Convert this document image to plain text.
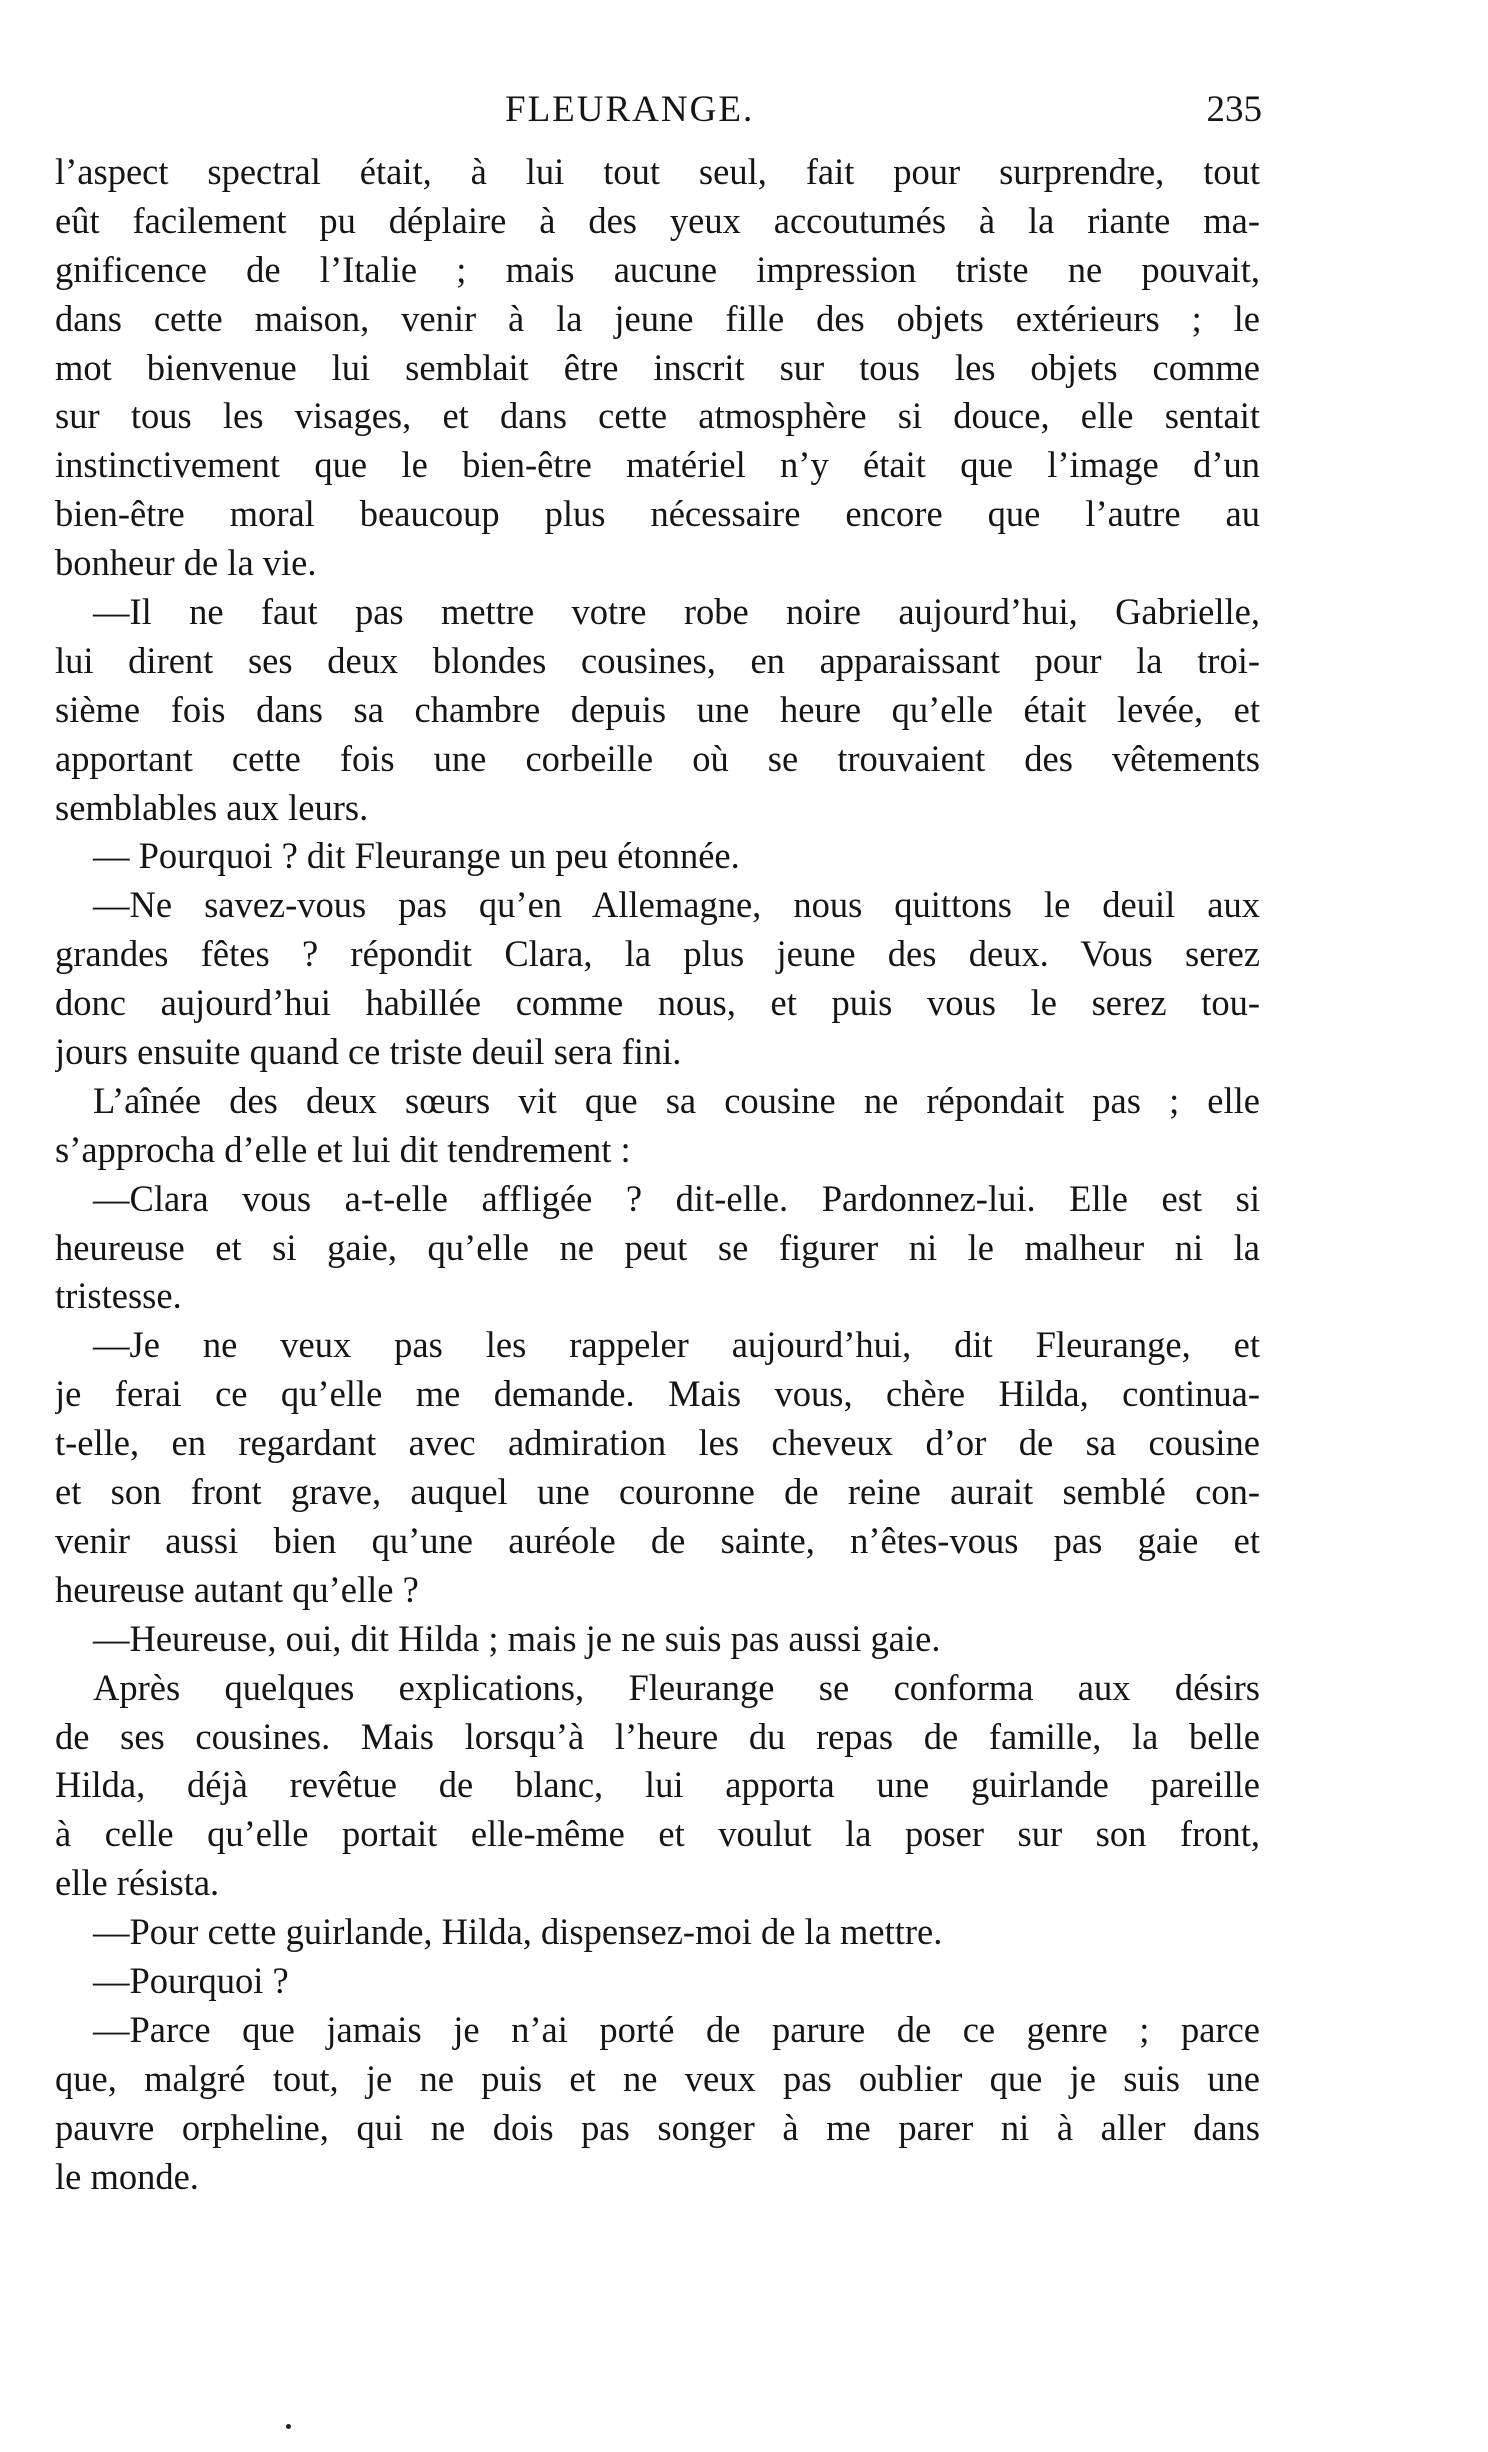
FLEURANGE.	235
l’aspect spectral était, à lui tout seul, fait pour surprendre, tout
eût facilement pu déplaire à des yeux accoutumés à la riante ma-
gnificence de l’Italie ; mais aucune impression triste ne pouvait,
dans cette maison, venir à la jeune fille des objets extérieurs ; le
mot bienvenue lui semblait être inscrit sur tous les objets comme
sur tous les visages, et dans cette atmosphère si douce, elle sentait
instinctivement que le bien-être matériel n’y était que l’image d’un
bien-être moral beaucoup plus nécessaire encore que l’autre au
bonheur de la vie.
—Il ne faut pas mettre votre robe noire aujourd’hui, Gabrielle,
lui dirent ses deux blondes cousines, en apparaissant pour la troi-
sième fois dans sa chambre depuis une heure qu’elle était levée, et
apportant cette fois une corbeille où se trouvaient des vêtements
semblables aux leurs.
— Pourquoi ? dit Fleurange un peu étonnée.
—Ne savez-vous pas qu’en Allemagne, nous quittons le deuil aux
grandes fêtes ? répondit Clara, la plus jeune des deux. Vous serez
donc aujourd’hui habillée comme nous, et puis vous le serez tou-
jours ensuite quand ce triste deuil sera fini.
L’aînée des deux sœurs vit que sa cousine ne répondait pas ; elle
s’approcha d’elle et lui dit tendrement :
—Clara vous a-t-elle affligée ? dit-elle. Pardonnez-lui. Elle est si
heureuse et si gaie, qu’elle ne peut se figurer ni le malheur ni la
tristesse.
—Je ne veux pas les rappeler aujourd’hui, dit Fleurange, et
je ferai ce qu’elle me demande. Mais vous, chère Hilda, continua-
t-elle, en regardant avec admiration les cheveux d’or de sa cousine
et son front grave, auquel une couronne de reine aurait semblé con-
venir aussi bien qu’une auréole de sainte, n’êtes-vous pas gaie et
heureuse autant qu’elle ?
—Heureuse, oui, dit Hilda ; mais je ne suis pas aussi gaie.
Après quelques explications, Fleurange se conforma aux désirs
de ses cousines. Mais lorsqu’à l’heure du repas de famille, la belle
Hilda, déjà revêtue de blanc, lui apporta une guirlande pareille
à celle qu’elle portait elle-même et voulut la poser sur son front,
elle résista.
—Pour cette guirlande, Hilda, dispensez-moi de la mettre.
—Pourquoi ?
—Parce que jamais je n’ai porté de parure de ce genre ; parce
que, malgré tout, je ne puis et ne veux pas oublier que je suis une
pauvre orpheline, qui ne dois pas songer à me parer ni à aller dans
le monde.
